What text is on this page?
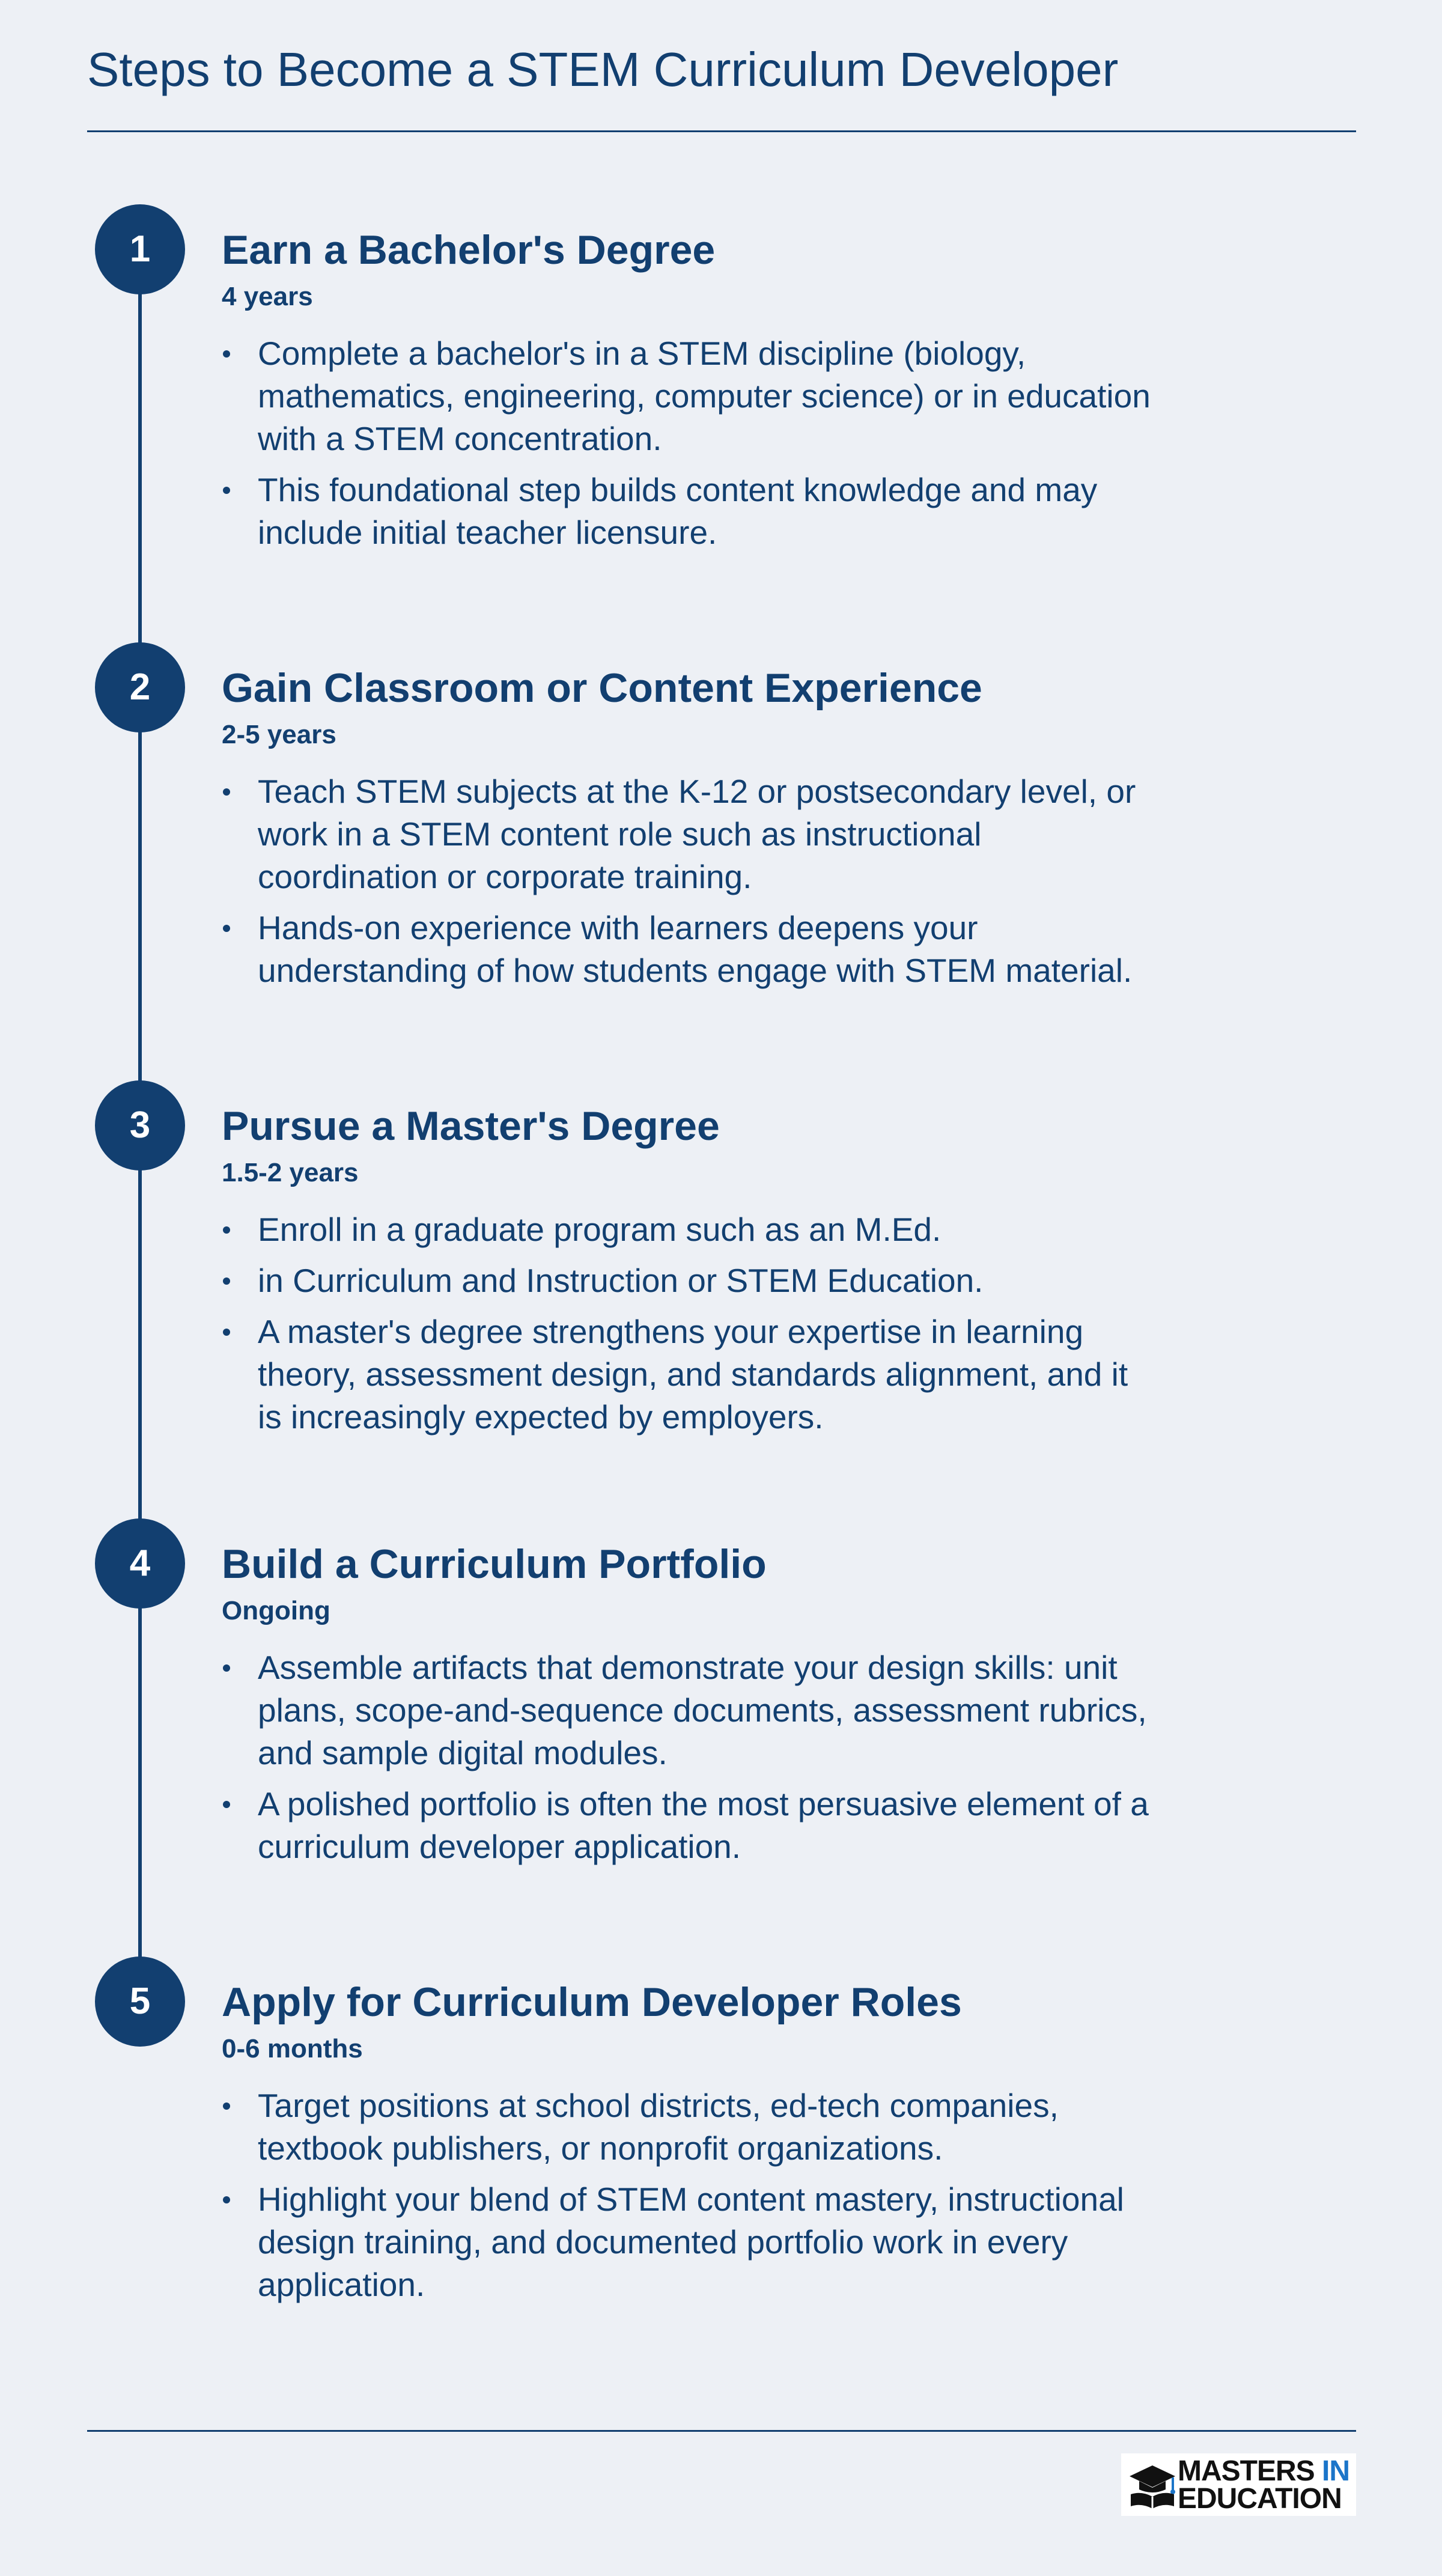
Steps to Become a STEM Curriculum Developer
1	Earn a Bachelor's Degree
4 years
Complete a bachelor's in a STEM discipline (biology, mathematics, engineering, computer science) or in education with a STEM concentration.
This foundational step builds content knowledge and may include initial teacher licensure.
2	Gain Classroom or Content Experience
2-5 years
Teach STEM subjects at the K-12 or postsecondary level, or work in a STEM content role such as instructional coordination or corporate training.
Hands-on experience with learners deepens your understanding of how students engage with STEM material.
3	Pursue a Master's Degree
1.5-2 years
Enroll in a graduate program such as an M.Ed.
in Curriculum and Instruction or STEM Education.
A master's degree strengthens your expertise in learning theory, assessment design, and standards alignment, and it is increasingly expected by employers.
4	Build a Curriculum Portfolio
Ongoing
Assemble artifacts that demonstrate your design skills: unit plans, scope-and-sequence documents, assessment rubrics, and sample digital modules.
A polished portfolio is often the most persuasive element of a curriculum developer application.
5	Apply for Curriculum Developer Roles
0-6 months
Target positions at school districts, ed-tech companies, textbook publishers, or nonprofit organizations.
Highlight your blend of STEM content mastery, instructional design training, and documented portfolio work in every application.
MASTERS IN
EDUCATION
